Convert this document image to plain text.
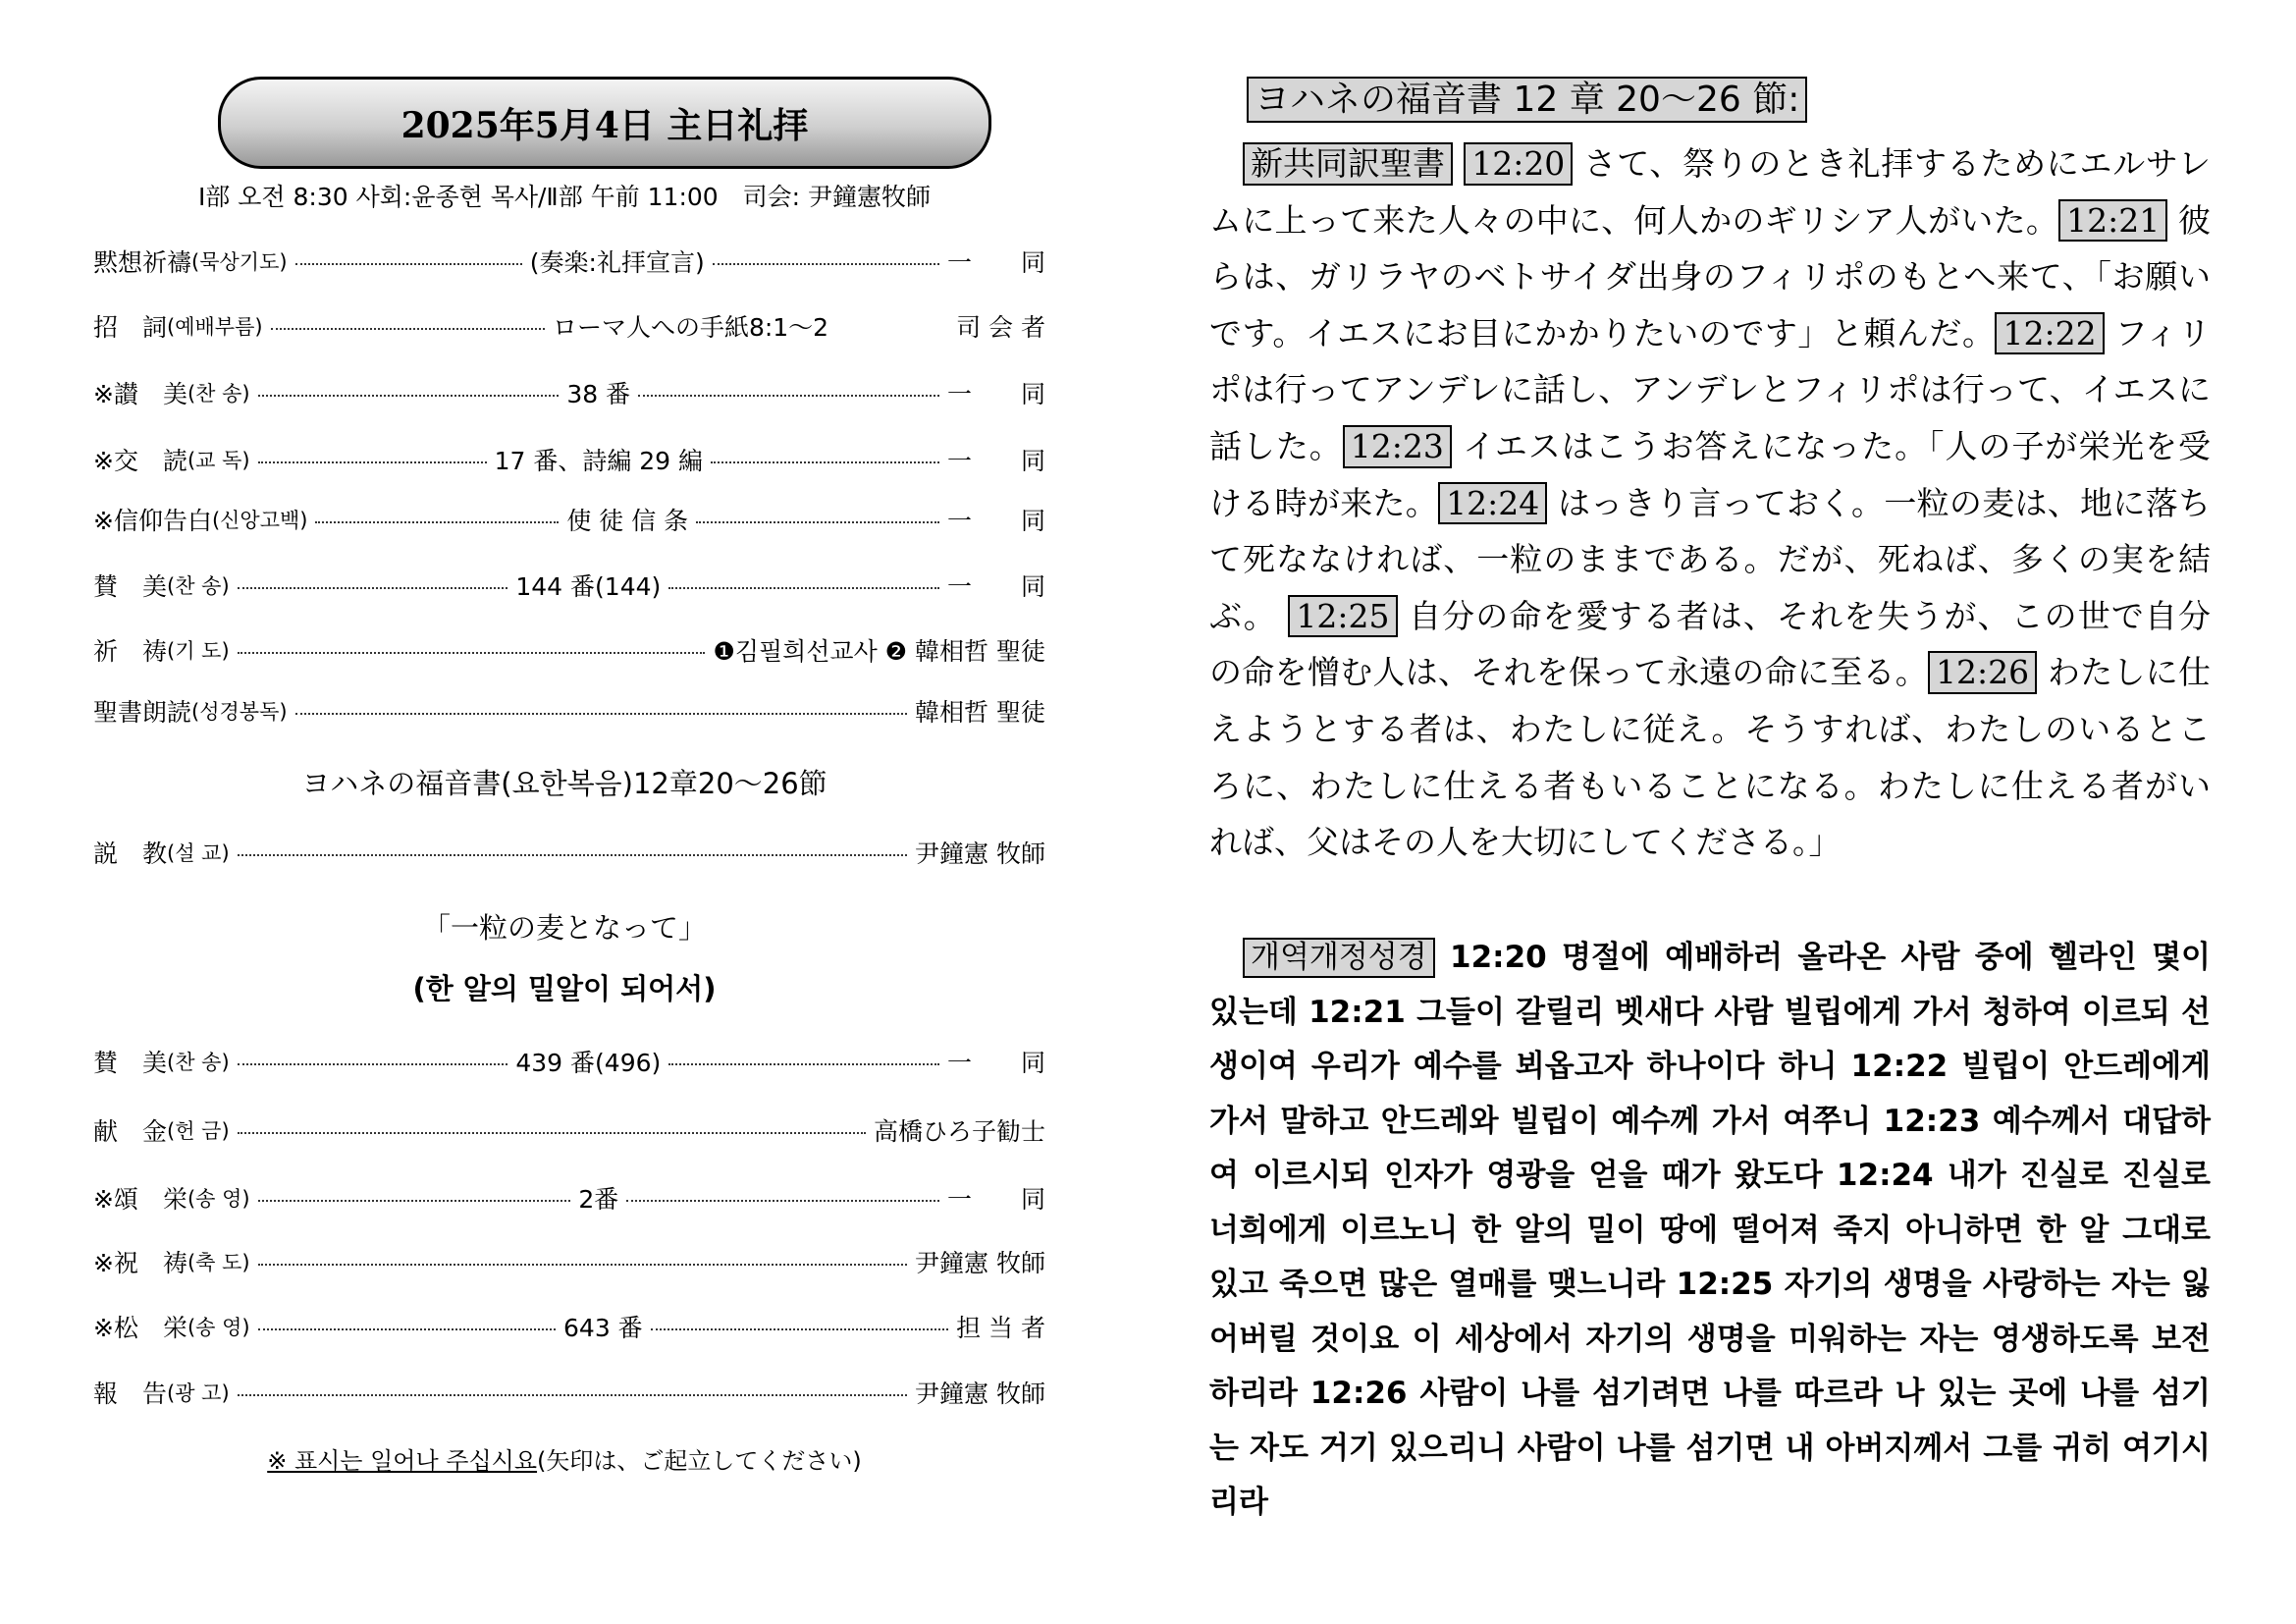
2025年5月4日 主日礼拝
Ⅰ部 오전 8:30 사회:윤종현 목사/Ⅱ部 午前 11:00　司会: 尹鐘憲牧師
黙想祈禱 (묵상기도)	(奏楽:礼拝宣言)	一　　同
招　詞 (예배부름)	ローマ人への手紙8:1～2	司 会 者
※讃　美 (찬 송)	38 番	一　　同
※交　読 (교 독)	17 番、詩編 29 編	一　　同
※信仰告白 (신앙고백)	使 徒 信 条	一　　同
賛　美 (찬 송)	144 番(144)	一　　同
祈　祷 (기 도)	❶김필희선교사 ❷ 韓相哲 聖徒
聖書朗読 (성경봉독)	韓相哲 聖徒
ヨハネの福音書(요한복음)12章20～26節
説　教 (설 교)	尹鐘憲 牧師
「一粒の麦となって」
(한 알의 밀알이 되어서)
賛　美 (찬 송)	439 番(496)	一　　同
献　金 (헌 금)	高橋ひろ子勧士
※頌　栄 (송 영)	2番	一　　同
※祝　祷 (축 도)	尹鐘憲 牧師
※松　栄 (송 영)	643 番	担 当 者
報　告 (광 고)	尹鐘憲 牧師
※ 표시는 일어나 주십시요(矢印は、ご起立してください)
ヨハネの福音書 12 章 20～26 節:
新共同訳聖書 12:20 さて、祭りのとき礼拝するためにエルサレムに上って来た人々の中に、何人かのギリシア人がいた。 12:21 彼らは、ガリラヤのベトサイダ出身のフィリポのもとへ来て、「お願いです。イエスにお目にかかりたいのです」と頼んだ。 12:22 フィリポは行ってアンデレに話し、アンデレとフィリポは行って、イエスに話した。 12:23 イエスはこうお答えになった。「人の子が栄光を受ける時が来た。 12:24 はっきり言っておく。一粒の麦は、地に落ちて死ななければ、一粒のままである。だが、死ねば、多くの実を結ぶ。 12:25 自分の命を愛する者は、それを失うが、この世で自分の命を憎む人は、それを保って永遠の命に至る。 12:26 わたしに仕えようとする者は、わたしに従え。そうすれば、わたしのいるところに、わたしに仕える者もいることになる。わたしに仕える者がいれば、父はその人を大切にしてくださる。」
개역개정성경 12:20 명절에 예배하러 올라온 사람 중에 헬라인 몇이 있는데 12:21 그들이 갈릴리 벳새다 사람 빌립에게 가서 청하여 이르되 선생이여 우리가 예수를 뵈옵고자 하나이다 하니 12:22 빌립이 안드레에게 가서 말하고 안드레와 빌립이 예수께 가서 여쭈니 12:23 예수께서 대답하여 이르시되 인자가 영광을 얻을 때가 왔도다 12:24 내가 진실로 진실로 너희에게 이르노니 한 알의 밀이 땅에 떨어져 죽지 아니하면 한 알 그대로 있고 죽으면 많은 열매를 맺느니라 12:25 자기의 생명을 사랑하는 자는 잃어버릴 것이요 이 세상에서 자기의 생명을 미워하는 자는 영생하도록 보전하리라 12:26 사람이 나를 섬기려면 나를 따르라 나 있는 곳에 나를 섬기는 자도 거기 있으리니 사람이 나를 섬기면 내 아버지께서 그를 귀히 여기시리라
